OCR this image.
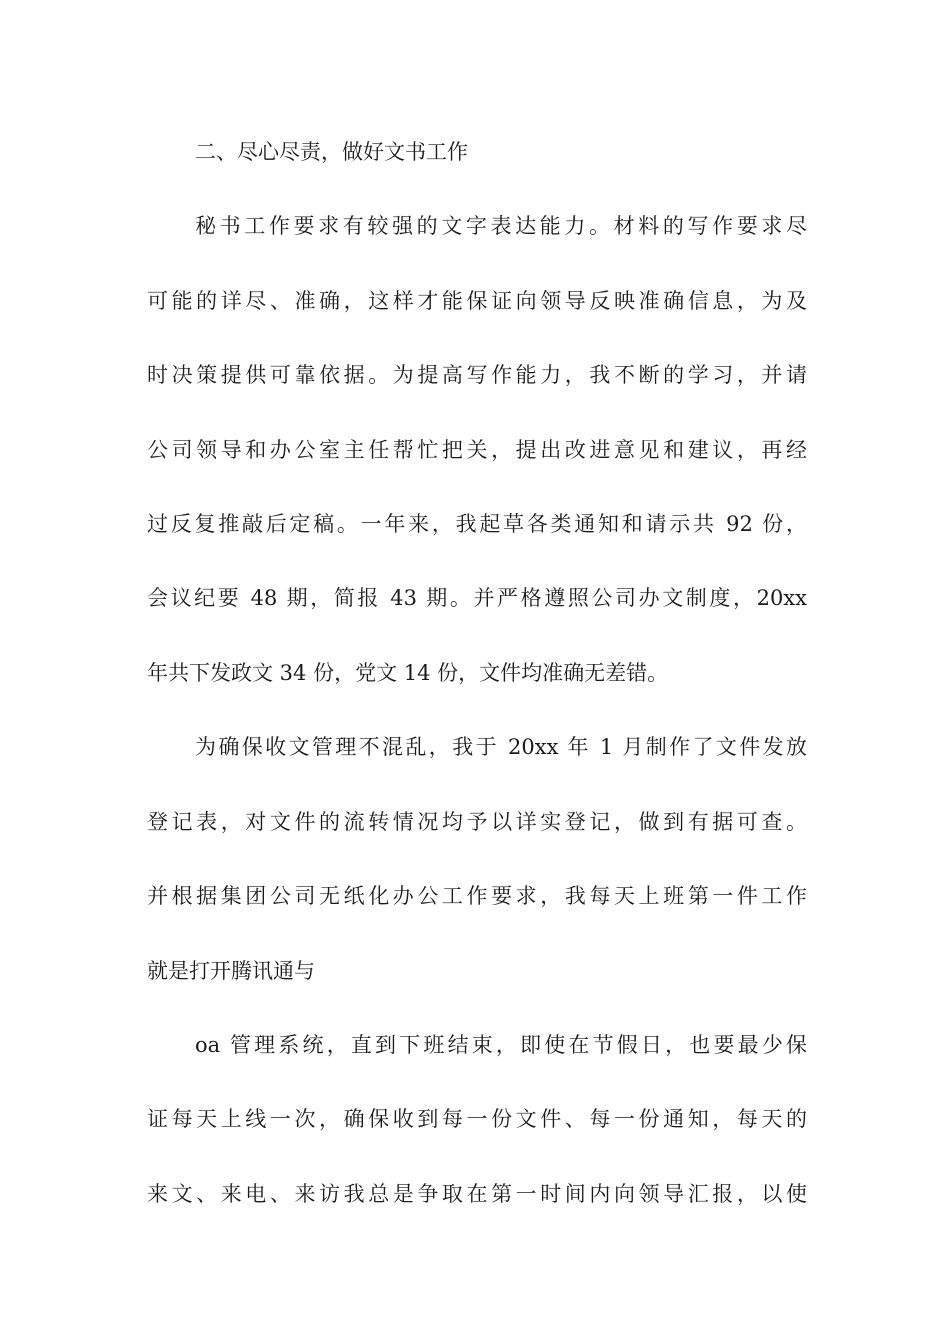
二、尽心尽责，做好文书工作

秘书工作要求有较强的文字表达能力。材料的写作要求尽

可能的详尽、准确，这样才能保证向领导反映准确信息，为及

时决策提供可靠依据。为提高写作能力，我不断的学习，并请

公司领导和办公室主任帮忙把关，提出改进意见和建议，再经

过反复推敲后定稿。一年来，我起草各类通知和请示共 92 份，

会议纪要 48 期，简报 43 期。并严格遵照公司办文制度，20xx

年共下发政文 34 份，党文 14 份，文件均准确无差错。

为确保收文管理不混乱，我于 20xx 年 1 月制作了文件发放

登记表，对文件的流转情况均予以详实登记，做到有据可查。

并根据集团公司无纸化办公工作要求，我每天上班第一件工作

就是打开腾讯通与

oa 管理系统，直到下班结束，即使在节假日，也要最少保

证每天上线一次，确保收到每一份文件、每一份通知，每天的

来文、来电、来访我总是争取在第一时间内向领导汇报，以使
